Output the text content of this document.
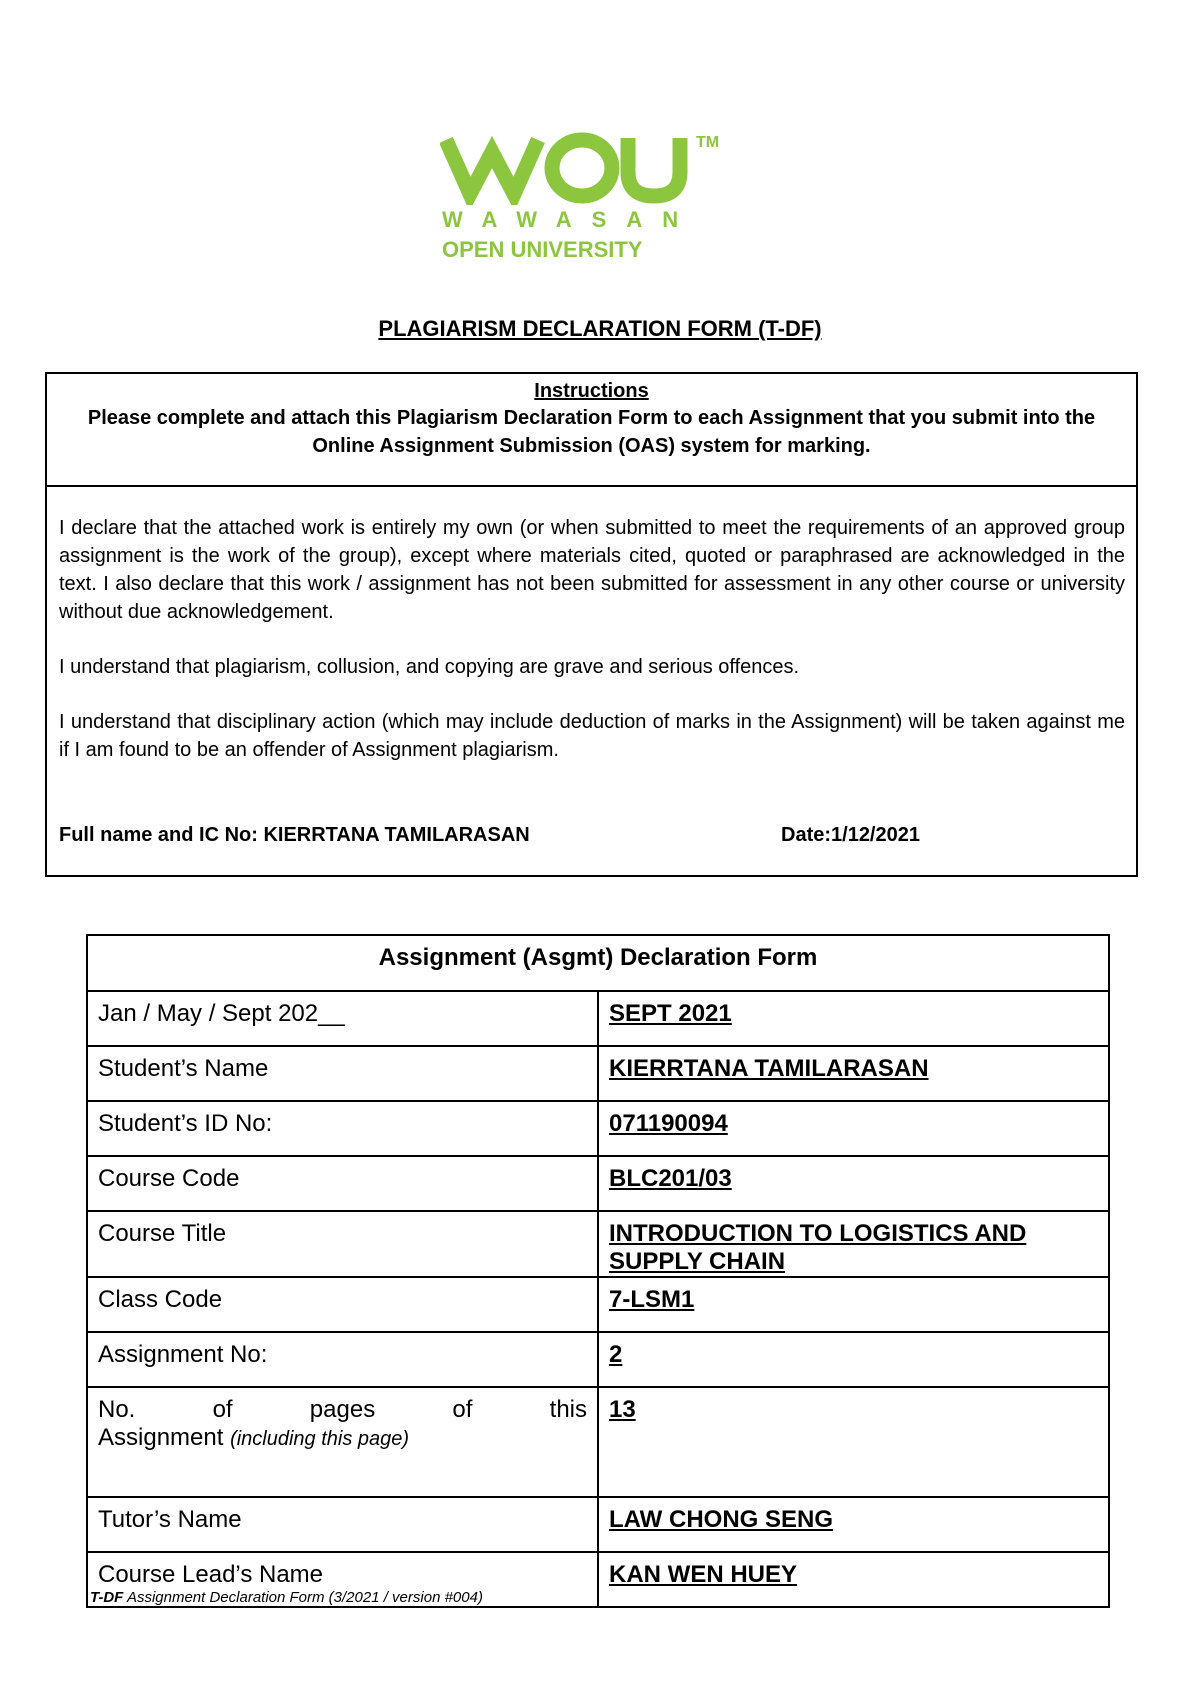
TM
WAWASAN
OPEN UNIVERSITY
PLAGIARISM DECLARATION FORM (T-DF)
Instructions
Please complete and attach this Plagiarism Declaration Form to each Assignment that you submit into the Online Assignment Submission (OAS) system for marking.

I declare that the attached work is entirely my own (or when submitted to meet the requirements of an approved group assignment is the work of the group), except where materials cited, quoted or paraphrased are acknowledged in the text. I also declare that this work / assignment has not been submitted for assessment in any other course or university without due acknowledgement.

I understand that plagiarism, collusion, and copying are grave and serious offences.

I understand that disciplinary action (which may include deduction of marks in the Assignment) will be taken against me if I am found to be an offender of Assignment plagiarism.

Full name and IC No: KIERRTANA TAMILARASAN	Date:1/12/2021
Assignment (Asgmt) Declaration Form	
Jan / May / Sept 202__	SEPT 2021
Student’s Name	KIERRTANA TAMILARASAN
Student’s ID No:	071190094
Course Code	BLC201/03
Course Title	INTRODUCTION TO LOGISTICS AND SUPPLY CHAIN
Class Code	7-LSM1
Assignment No:	2

No. of pages of this
Assignment (including this page)	13
Tutor’s Name	LAW CHONG SENG
Course Lead’s Name	KAN WEN HUEY
T-DF Assignment Declaration Form (3/2021 / version #004)
